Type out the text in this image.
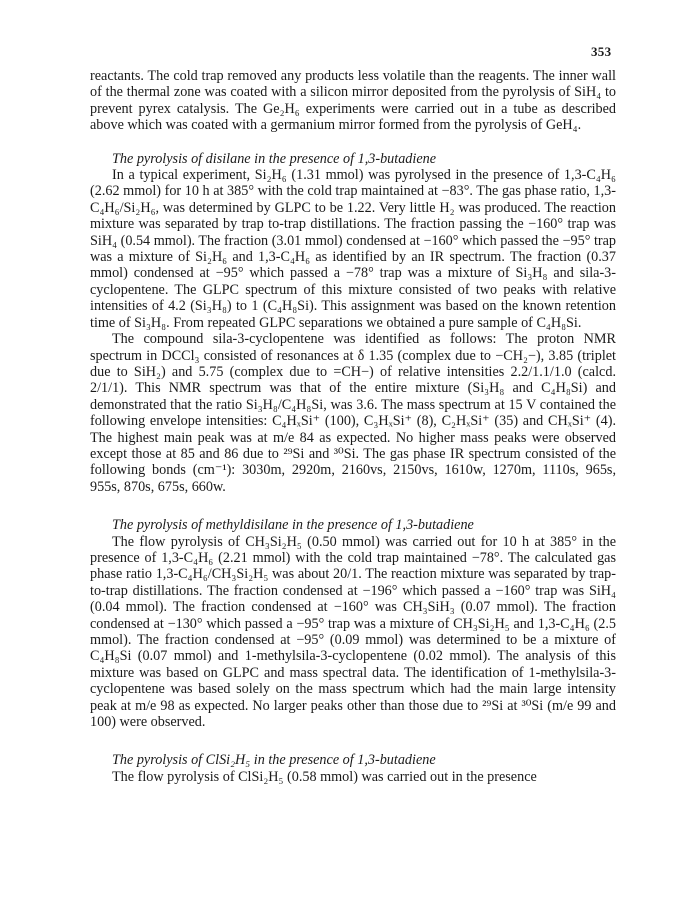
353

reactants. The cold trap removed any products less volatile than the reagents. The inner wall of the thermal zone was coated with a silicon mirror deposited from the pyrolysis of SiH₄ to prevent pyrex catalysis. The Ge₂H₆ experiments were carried out in a tube as described above which was coated with a germanium mirror formed from the pyrolysis of GeH₄.

The pyrolysis of disilane in the presence of 1,3-butadiene

In a typical experiment, Si₂H₆ (1.31 mmol) was pyrolysed in the presence of 1,3-C₄H₆ (2.62 mmol) for 10 h at 385° with the cold trap maintained at −83°. The gas phase ratio, 1,3-C₄H₆/Si₂H₆, was determined by GLPC to be 1.22. Very little H₂ was produced. The reaction mixture was separated by trap to-trap distillations. The fraction passing the −160° trap was SiH₄ (0.54 mmol). The fraction (3.01 mmol) condensed at −160° which passed the −95° trap was a mixture of Si₂H₆ and 1,3-C₄H₆ as identified by an IR spectrum. The fraction (0.37 mmol) condensed at −95° which passed a −78° trap was a mixture of Si₃H₈ and sila-3-cyclopentene. The GLPC spectrum of this mixture consisted of two peaks with relative intensities of 4.2 (Si₃H₈) to 1 (C₄H₈Si). This assignment was based on the known retention time of Si₃H₈. From repeated GLPC separations we obtained a pure sample of C₄H₈Si.

The compound sila-3-cyclopentene was identified as follows: The proton NMR spectrum in DCCl₃ consisted of resonances at δ 1.35 (complex due to −CH₂−), 3.85 (triplet due to SiH₂) and 5.75 (complex due to =CH−) of relative intensities 2.2/1.1/1.0 (calcd. 2/1/1). This NMR spectrum was that of the entire mixture (Si₃H₈ and C₄H₈Si) and demonstrated that the ratio Si₃H₈/C₄H₈Si, was 3.6. The mass spectrum at 15 V contained the following envelope intensities: C₄HₓSi⁺ (100), C₃HₓSi⁺ (8), C₂HₓSi⁺ (35) and CHₓSi⁺ (4). The highest main peak was at m/e 84 as expected. No higher mass peaks were observed except those at 85 and 86 due to ²⁹Si and ³⁰Si. The gas phase IR spectrum consisted of the following bonds (cm⁻¹): 3030m, 2920m, 2160vs, 2150vs, 1610w, 1270m, 1110s, 965s, 955s, 870s, 675s, 660w.

The pyrolysis of methyldisilane in the presence of 1,3-butadiene

The flow pyrolysis of CH₃Si₂H₅ (0.50 mmol) was carried out for 10 h at 385° in the presence of 1,3-C₄H₆ (2.21 mmol) with the cold trap maintained −78°. The calculated gas phase ratio 1,3-C₄H₆/CH₃Si₂H₅ was about 20/1. The reaction mixture was separated by trap-to-trap distillations. The fraction condensed at −196° which passed a −160° trap was SiH₄ (0.04 mmol). The fraction condensed at −160° was CH₃SiH₃ (0.07 mmol). The fraction condensed at −130° which passed a −95° trap was a mixture of CH₃Si₂H₅ and 1,3-C₄H₆ (2.5 mmol). The fraction condensed at −95° (0.09 mmol) was determined to be a mixture of C₄H₈Si (0.07 mmol) and 1-methylsila-3-cyclopentene (0.02 mmol). The analysis of this mixture was based on GLPC and mass spectral data. The identification of 1-methylsila-3-cyclopentene was based solely on the mass spectrum which had the main large intensity peak at m/e 98 as expected. No larger peaks other than those due to ²⁹Si at ³⁰Si (m/e 99 and 100) were observed.

The pyrolysis of ClSi₂H₅ in the presence of 1,3-butadiene

The flow pyrolysis of ClSi₂H₅ (0.58 mmol) was carried out in the presence
